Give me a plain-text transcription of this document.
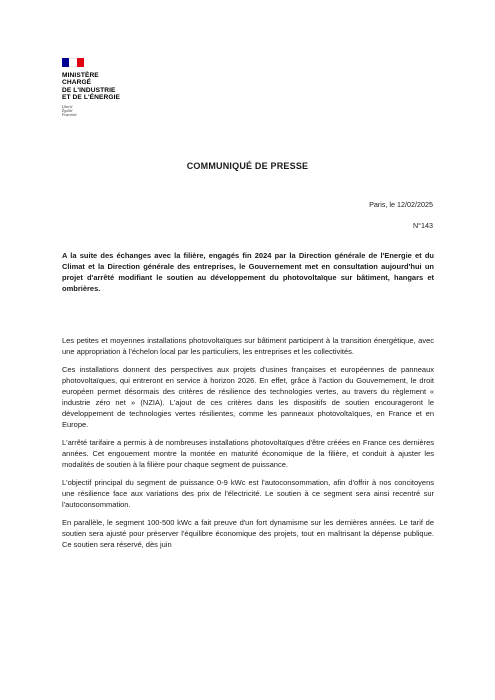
MINISTÈRE
CHARGÉ
DE L'INDUSTRIE
ET DE L'ÉNERGIE
Liberté
Égalité
Fraternité
COMMUNIQUÉ DE PRESSE
Paris, le 12/02/2025
N°143
A la suite des échanges avec la filière, engagés fin 2024 par la Direction générale de l'Energie et du Climat et la Direction générale des entreprises, le Gouvernement met en consultation aujourd'hui un projet d'arrêté modifiant le soutien au développement du photovoltaïque sur bâtiment, hangars et ombrières.

Les petites et moyennes installations photovoltaïques sur bâtiment participent à la transition énergétique, avec une appropriation à l'échelon local par les particuliers, les entreprises et les collectivités.

Ces installations donnent des perspectives aux projets d'usines françaises et européennes de panneaux photovoltaïques, qui entreront en service à horizon 2026. En effet, grâce à l'action du Gouvernement, le droit européen permet désormais des critères de résilience des technologies vertes, au travers du règlement « industrie zéro net » (NZIA). L'ajout de ces critères dans les dispositifs de soutien encourageront le développement de technologies vertes résilientes, comme les panneaux photovoltaïques, en France et en Europe.

L'arrêté tarifaire a permis à de nombreuses installations photovoltaïques d'être créées en France ces dernières années. Cet engouement montre la montée en maturité économique de la filière, et conduit à ajuster les modalités de soutien à la filière pour chaque segment de puissance.

L'objectif principal du segment de puissance 0-9 kWc est l'autoconsommation, afin d'offrir à nos concitoyens une résilience face aux variations des prix de l'électricité. Le soutien à ce segment sera ainsi recentré sur l'autoconsommation.

En parallèle, le segment 100-500 kWc a fait preuve d'un fort dynamisme sur les dernières années. Le tarif de soutien sera ajusté pour préserver l'équilibre économique des projets, tout en maîtrisant la dépense publique. Ce soutien sera réservé, dès juin
